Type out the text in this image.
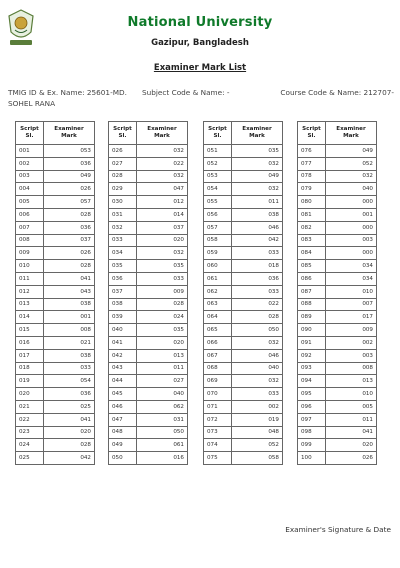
National University
Gazipur, Bangladesh
Examiner Mark List
TMIG ID & Ex. Name: 25601-MD.
SOHEL RANA
Subject Code & Name: -	Course Code & Name: 212707-
Script Sl.	Examiner Mark
001	053
002	036
003	049
004	026
005	057
006	028
007	036
008	037
009	026
010	028
011	041
012	043
013	038
014	001
015	008
016	021
017	038
018	033
019	054
020	036
021	025
022	041
023	020
024	028
025	042
Script Sl.	Examiner Mark
026	032
027	022
028	032
029	047
030	012
031	014
032	037
033	020
034	032
035	035
036	033
037	009
038	028
039	024
040	035
041	020
042	013
043	011
044	027
045	040
046	062
047	031
048	050
049	061
050	016
Script Sl.	Examiner Mark
051	035
052	032
053	049
054	032
055	011
056	038
057	046
058	042
059	033
060	018
061	036
062	033
063	022
064	028
065	050
066	032
067	046
068	040
069	032
070	033
071	002
072	019
073	048
074	052
075	058
Script Sl.	Examiner Mark
076	049
077	052
078	032
079	040
080	000
081	001
082	000
083	003
084	000
085	034
086	034
087	010
088	007
089	017
090	009
091	002
092	003
093	008
094	013
095	010
096	005
097	011
098	041
099	020
100	026
Examiner's Signature & Date
